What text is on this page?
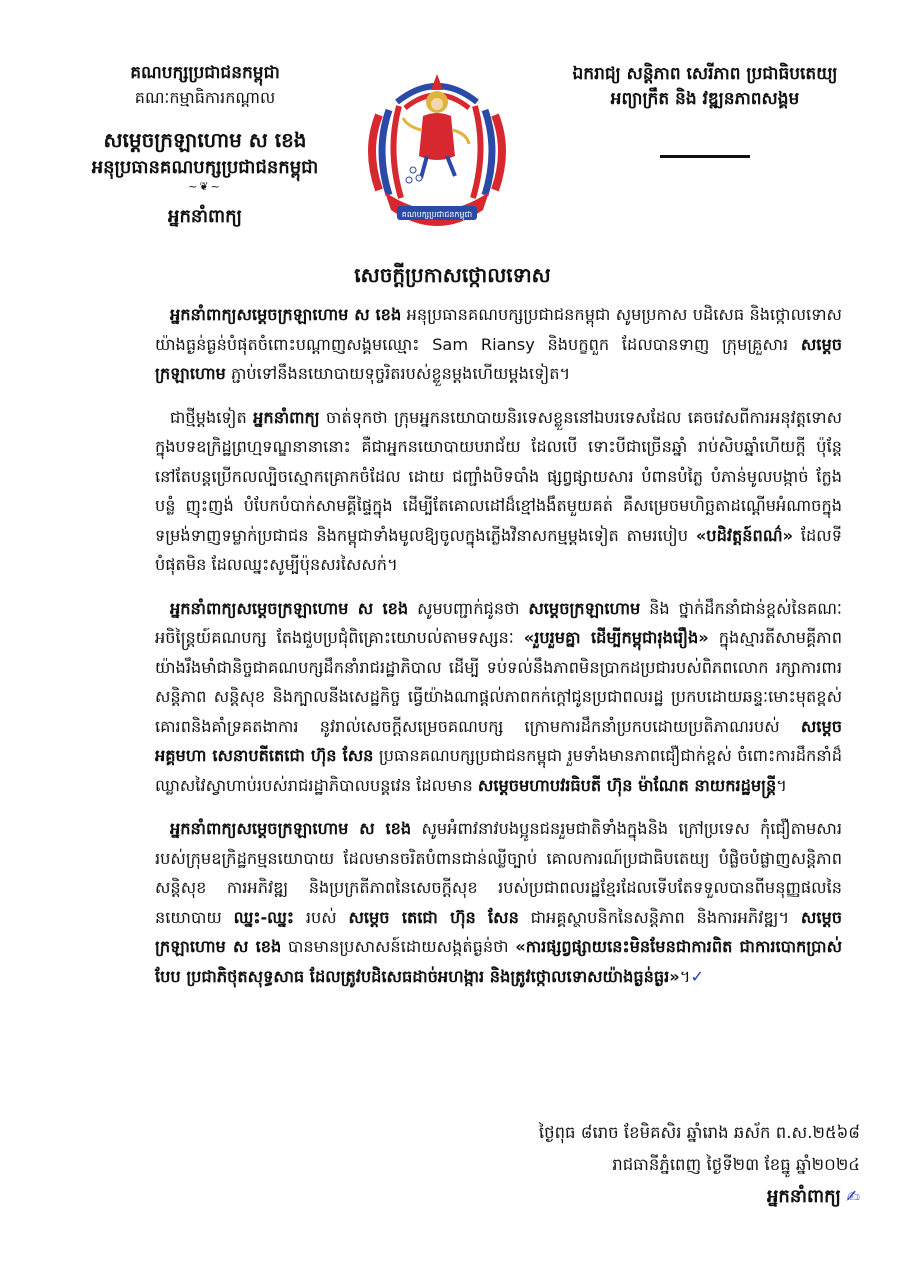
គណបក្សប្រជាជនកម្ពុជា
គណៈកម្មាធិការកណ្តាល
សម្តេចក្រឡាហោម ស ខេង
អនុប្រធានគណបក្សប្រជាជនកម្ពុជា
~❦~
អ្នកនាំពាក្យ	គណបក្សប្រជាជនកម្ពុជា
ឯករាជ្យ សន្តិភាព សេរីភាព ប្រជាធិបតេយ្យ
អព្យាក្រឹត និង វឌ្ឍនភាពសង្គម
សេចក្តីប្រកាសថ្កោលទោស

អ្នកនាំពាក្យសម្តេចក្រឡាហោម ស ខេង អនុប្រធានគណបក្សប្រជាជនកម្ពុជា សូមប្រកាស បដិសេធ និងថ្កោលទោសយ៉ាងធ្ងន់ធ្ងន់បំផុតចំពោះបណ្តាញសង្គមឈ្មោះ Sam Riansy និងបក្ខពួក ដែលបានទាញ ក្រុមគ្រួសារ សម្តេចក្រឡាហោម ភ្ជាប់ទៅនឹងនយោបាយទុច្ចរិតរបស់ខ្លួនម្តងហើយម្តងទៀត។

ជាថ្មីម្តងទៀត អ្នកនាំពាក្យ ចាត់ទុកថា ក្រុមអ្នកនយោបាយនិរទេសខ្លួននៅឯបរទេសដែល គេចវេសពីការអនុវត្តទោសក្នុងបទឧក្រិដ្ឋព្រហ្មទណ្ឌនានានោះ គឺជាអ្នកនយោបាយបរាជ័យ ដែលបើ ទោះបីជាច្រើនឆ្នាំ រាប់សិបឆ្នាំហើយក្តី ប៉ុន្តែនៅតែបន្តប្រើកលល្បិចស្មោកគ្រោកចំដែល ដោយ ជញ្ជាំងបិទបាំង ផ្សព្វផ្សាយសារ បំពានបំភ្លៃ បំភាន់មូលបង្កាច់ ក្លែងបន្លំ ញុះញង់ បំបែកបំបាក់សាមគ្គីផ្ទៃក្នុង ដើម្បីតែគោលដៅដ៏ខ្មៅងងឹតមួយគត់ គឺសម្រេចមហិច្ឆតាដណ្តើមអំណាចក្នុងទម្រង់ទាញទម្លាក់ប្រជាជន និងកម្ពុជាទាំងមូលឱ្យចូលក្នុងភ្លើងវិនាសកម្មម្តងទៀត តាមរបៀប «បដិវត្តន៍ពណ៌» ដែលទីបំផុតមិន ដែលឈ្នះសូម្បីប៉ុនសរសៃសក់។

អ្នកនាំពាក្យសម្តេចក្រឡាហោម ស ខេង សូមបញ្ជាក់ជូនថា សម្តេចក្រឡាហោម និង ថ្នាក់ដឹកនាំជាន់ខ្ពស់នៃគណៈអចិន្ត្រៃយ៍គណបក្ស តែងជួបប្រជុំពិគ្រោះយោបល់តាមទស្សនៈ «រួបរួមគ្នា ដើម្បីកម្ពុជារុងរឿង» ក្នុងស្មារតីសាមគ្គីភាពយ៉ាងរឹងមាំជានិច្ចជាគណបក្សដឹកនាំរាជរដ្ឋាភិបាល ដើម្បី ទប់ទល់នឹងភាពមិនប្រាកដប្រជារបស់ពិភពលោក រក្សាការពារសន្តិភាព សន្តិសុខ និងក្បាលនីងសេដ្ឋកិច្ច ធ្វើយ៉ាងណាផ្តល់ភាពកក់ក្តៅជូនប្រជាពលរដ្ឋ ប្រកបដោយឆន្ទៈមោះមុតខ្ពស់ គោរពនិងគាំទ្រគតងាការ នូវរាល់សេចក្តីសម្រេចគណបក្ស ក្រោមការដឹកនាំប្រកបដោយប្រតិភាណរបស់ សម្តេចអគ្គមហា សេនាបតីតេជោ ហ៊ុន សែន ប្រធានគណបក្សប្រជាជនកម្ពុជា រួមទាំងមានភាពជឿជាក់ខ្ពស់ ចំពោះការដឹកនាំដ៏ឈ្លាសវៃស្វាហាប់របស់រាជរដ្ឋាភិបាលបន្តវេន ដែលមាន សម្តេចមហាបវរធិបតី ហ៊ុន ម៉ាណែត នាយករដ្ឋមន្ត្រី។

អ្នកនាំពាក្យសម្តេចក្រឡាហោម ស ខេង សូមអំពាវនាវបងប្អូនជនរួមជាតិទាំងក្នុងនិង ក្រៅប្រទេស កុំជឿតាមសាររបស់ក្រុមឧក្រិដ្ឋកម្មនយោបាយ ដែលមានចរិតបំពានជាន់ឈ្លីច្បាប់ គោលការណ៍ប្រជាធិបតេយ្យ បំផ្លិចបំផ្លាញសន្តិភាព សន្តិសុខ ការអភិវឌ្ឍ និងប្រក្រតីភាពនៃសេចក្តីសុខ របស់ប្រជាពលរដ្ឋខ្មែរដែលទើបតែទទួលបានពីមនុញ្ញផលនៃនយោបាយ ឈ្នះ-ឈ្នះ របស់ សម្តេច តេជោ ហ៊ុន សែន ជាអគ្គស្ថាបនិកនៃសន្តិភាព និងការអភិវឌ្ឍ។ សម្តេចក្រឡាហោម ស ខេង បានមានប្រសាសន៍ដោយសង្កត់ធ្ងន់ថា «ការផ្សព្វផ្សាយនេះមិនមែនជាការពិត ជាការបោកប្រាស់ បែប ប្រជាភិថុតសុទ្ធសាធ ដែលត្រូវបដិសេធដាច់អហង្ការ និងត្រូវថ្កោលទោសយ៉ាងធ្ងន់ធ្ងរ»។✓

ថ្ងៃពុធ ៨រោច ខែមិគសិរ ឆ្នាំរោង ឆស័ក ព.ស.២៥៦៨
រាជធានីភ្នំពេញ ថ្ងៃទី២៣ ខែធ្នូ ឆ្នាំ២០២៤
អ្នកនាំពាក្យ ✍
